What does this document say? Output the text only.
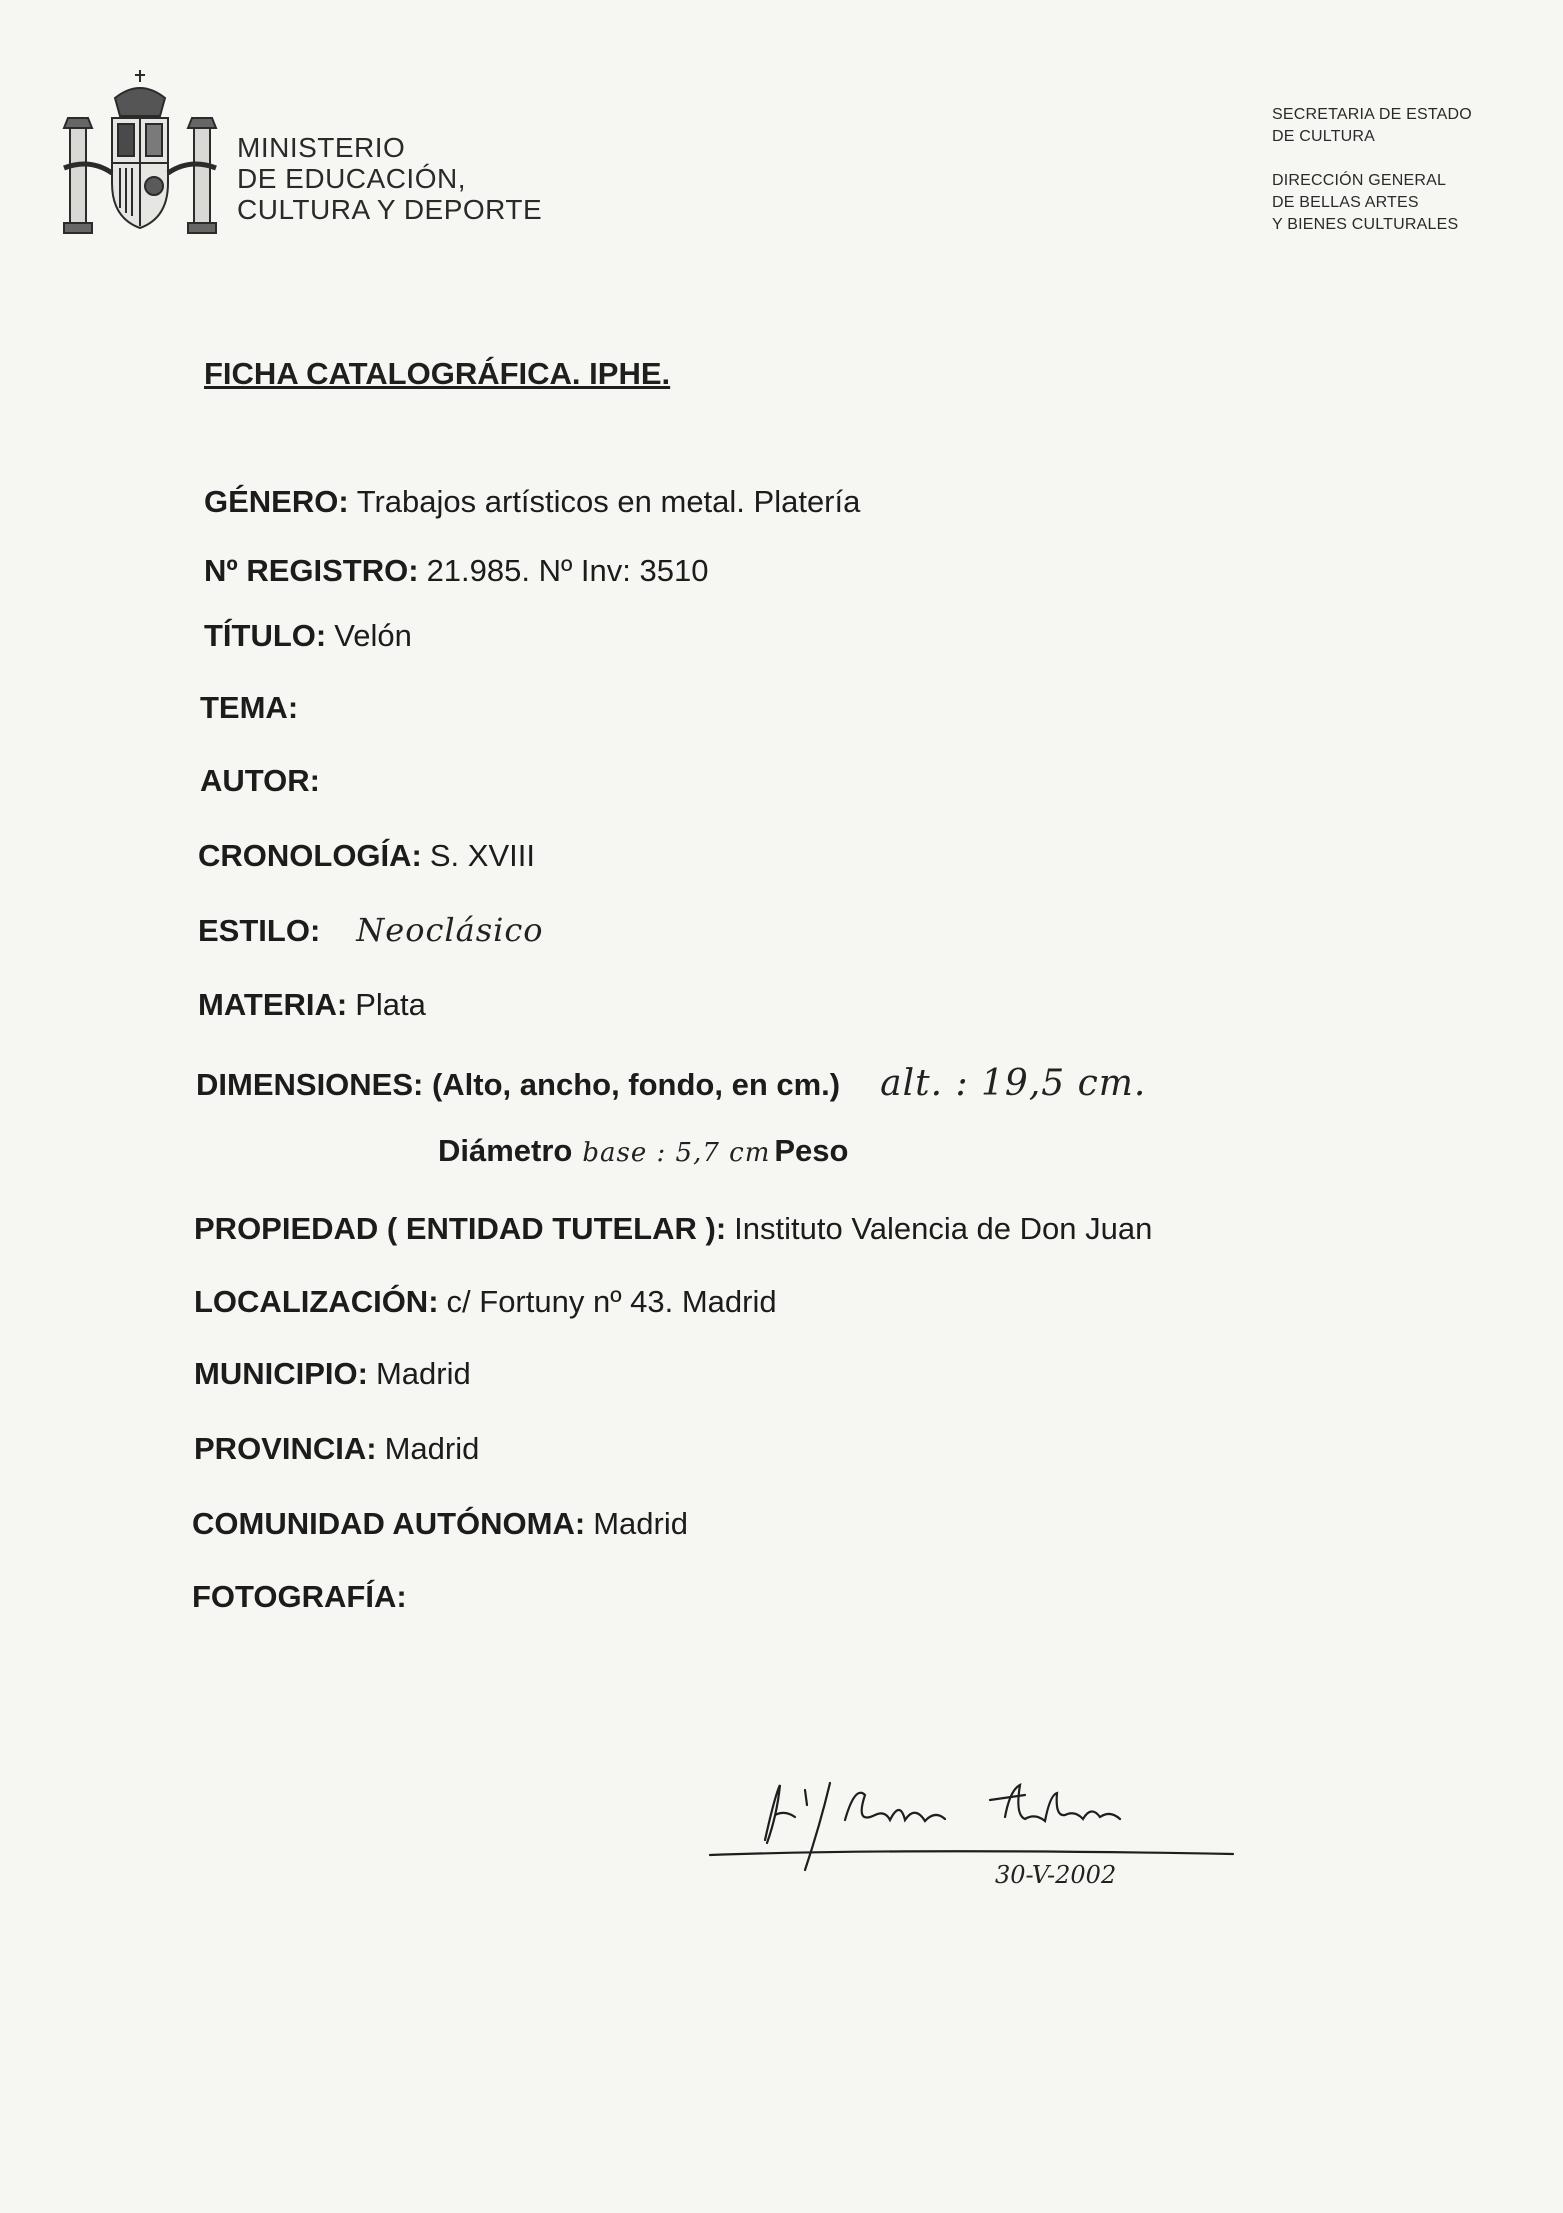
MINISTERIO
DE EDUCACIÓN,
CULTURA Y DEPORTE
SECRETARIA DE ESTADO
DE CULTURA
DIRECCIÓN GENERAL
DE BELLAS ARTES
Y BIENES CULTURALES
FICHA CATALOGRÁFICA. IPHE.
GÉNERO: Trabajos artísticos en metal. Platería
Nº REGISTRO: 21.985. Nº Inv: 3510
TÍTULO: Velón
TEMA:
AUTOR:
CRONOLOGÍA: S. XVIII
ESTILO: Neoclásico
MATERIA: Plata
DIMENSIONES: (Alto, ancho, fondo, en cm.) alt. : 19,5 cm.
Diámetro base : 5,7 cm Peso
PROPIEDAD ( ENTIDAD TUTELAR ): Instituto Valencia de Don Juan
LOCALIZACIÓN: c/ Fortuny nº 43. Madrid
MUNICIPIO: Madrid
PROVINCIA: Madrid
COMUNIDAD AUTÓNOMA: Madrid
FOTOGRAFÍA:
30-V-2002
